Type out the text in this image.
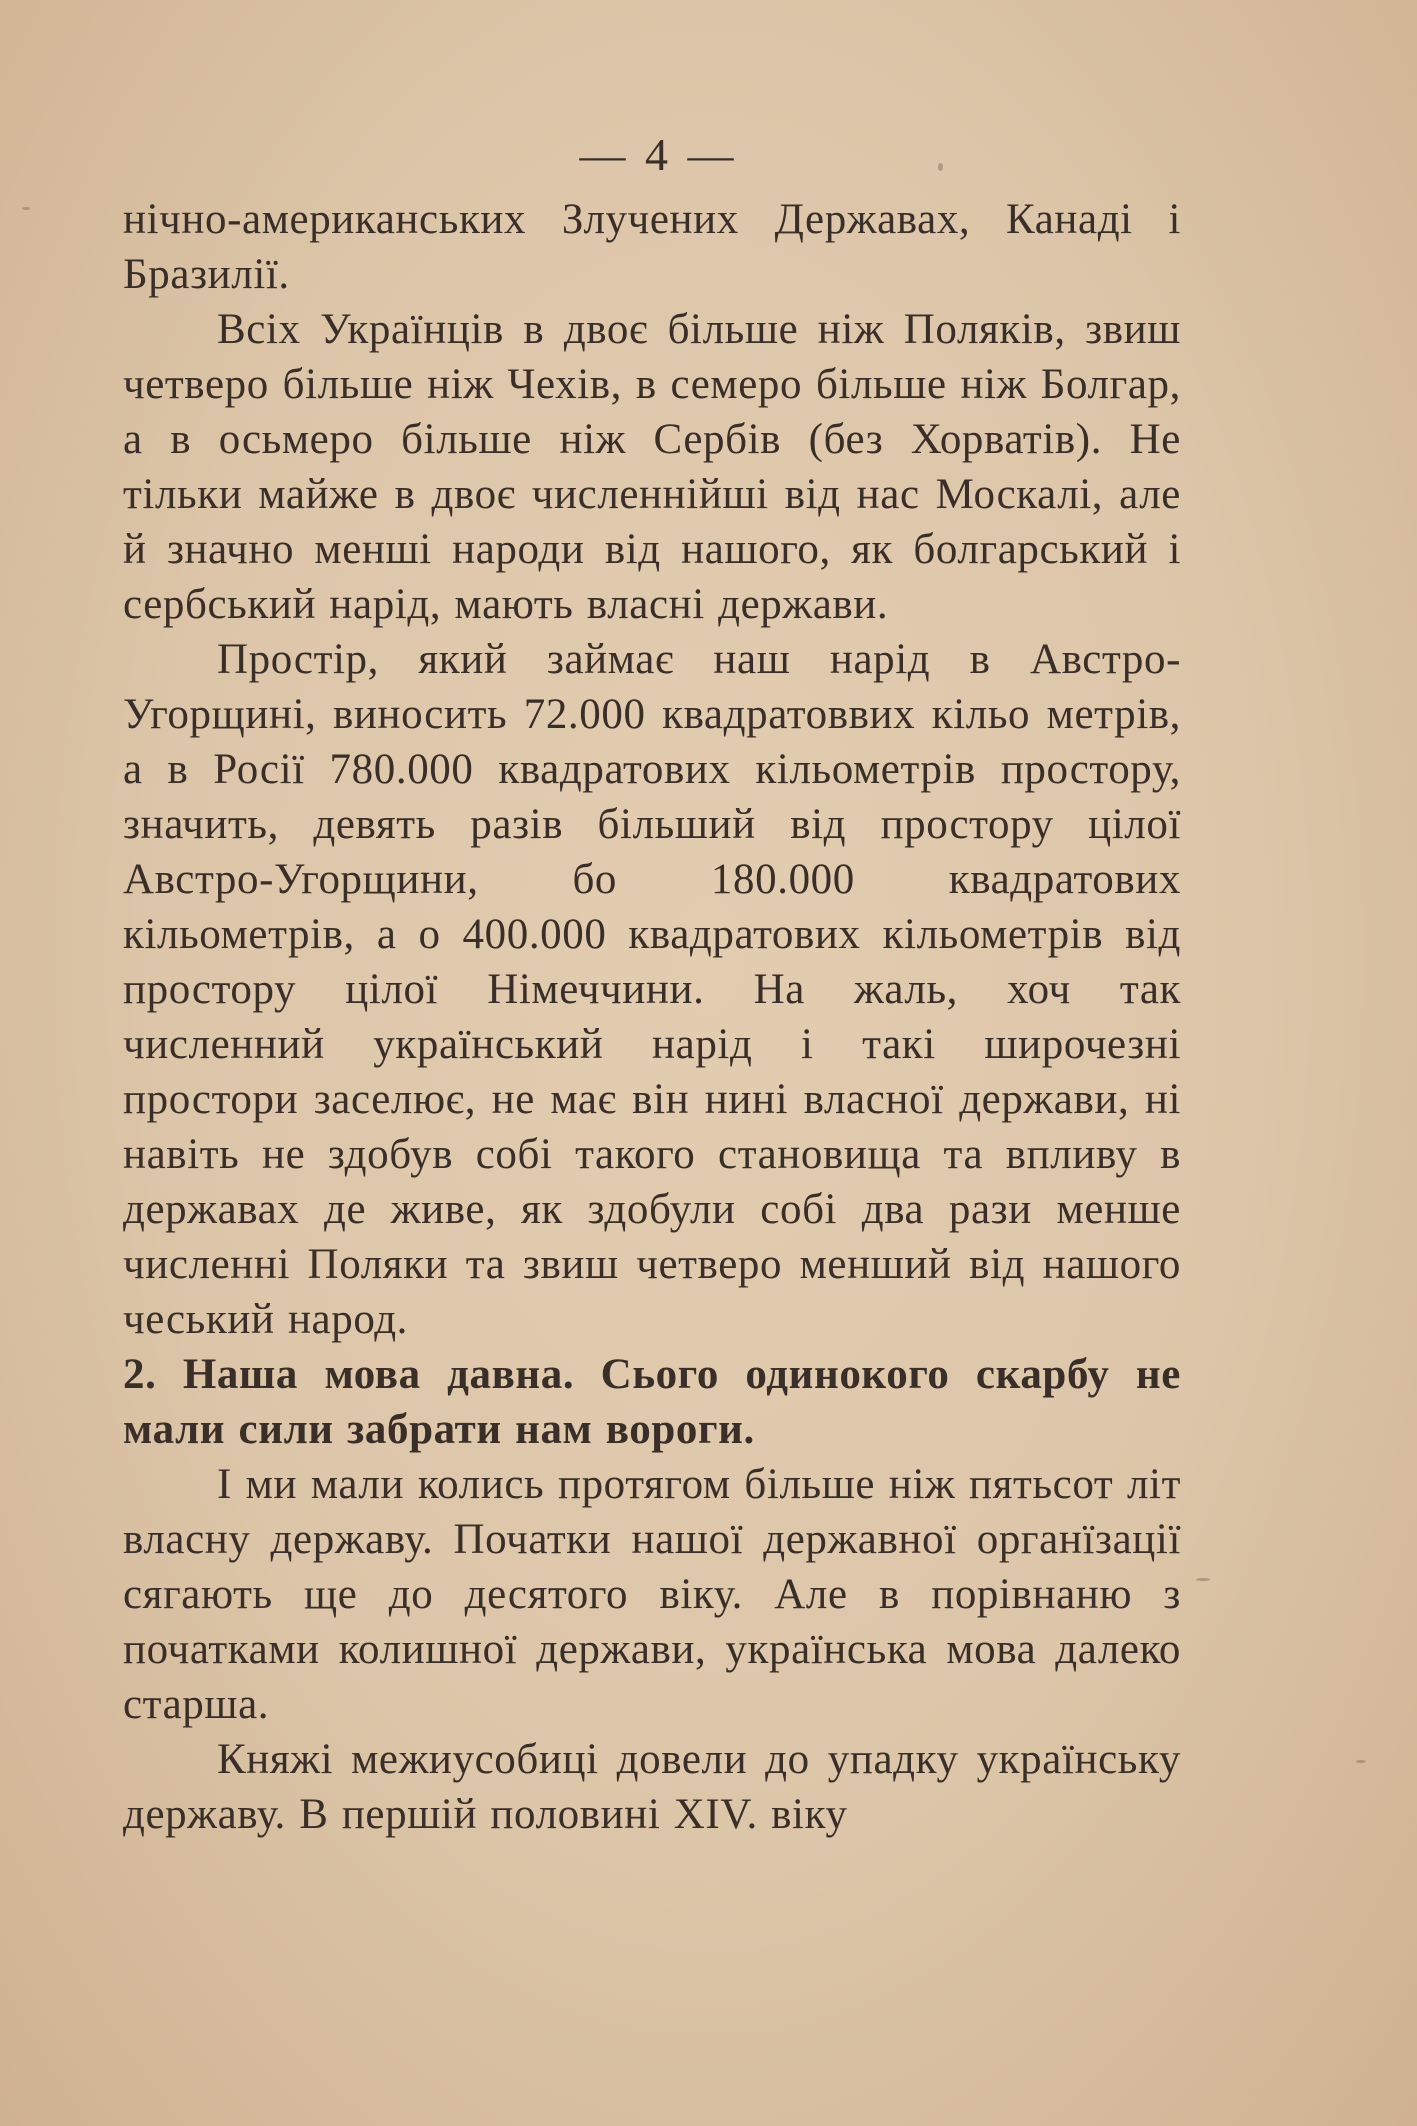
— 4 —

нічно-американських Злучених Державах, Канаді і Бразилії.

Всіх Українців в двоє більше ніж Поляків, звиш четверо більше ніж Чехів, в семеро більше ніж Болгар, а в осьмеро більше ніж Сербів (без Хорватів). Не тільки майже в двоє численнійші від нас Москалі, але й значно менші народи від нашого, як болгарський і сербський нарід, мають власні держави.

Простір, який займає наш нарід в Австро-Угорщині, виносить 72.000 квадратоввих кільо метрів, а в Росії 780.000 квадратових кільометрів простору, значить, девять разів більший від простору цілої Австро-Угорщини, бо 180.000 квадратових кільометрів, а о 400.000 квадратових кільометрів від простору цілої Німеччини. На жаль, хоч так численний український нарід і такі широчезні простори заселює, не має він нині власної держави, ні навіть не здобув собі такого становища та впливу в державах де живе, як здобули собі два рази менше численні Поляки та звиш четверо менший від нашого чеський народ.

2. Наша мова давна. Сього одинокого скарбу не мали сили забрати нам вороги.

І ми мали колись протягом більше ніж пятьсот літ власну державу. Початки нашої державної органїзації сягають ще до десятого віку. Але в порівнаню з початками колишної держави, українська мова далеко старша.

Княжі межиусобиці довели до упадку українську державу. В першій половині XIV. віку
